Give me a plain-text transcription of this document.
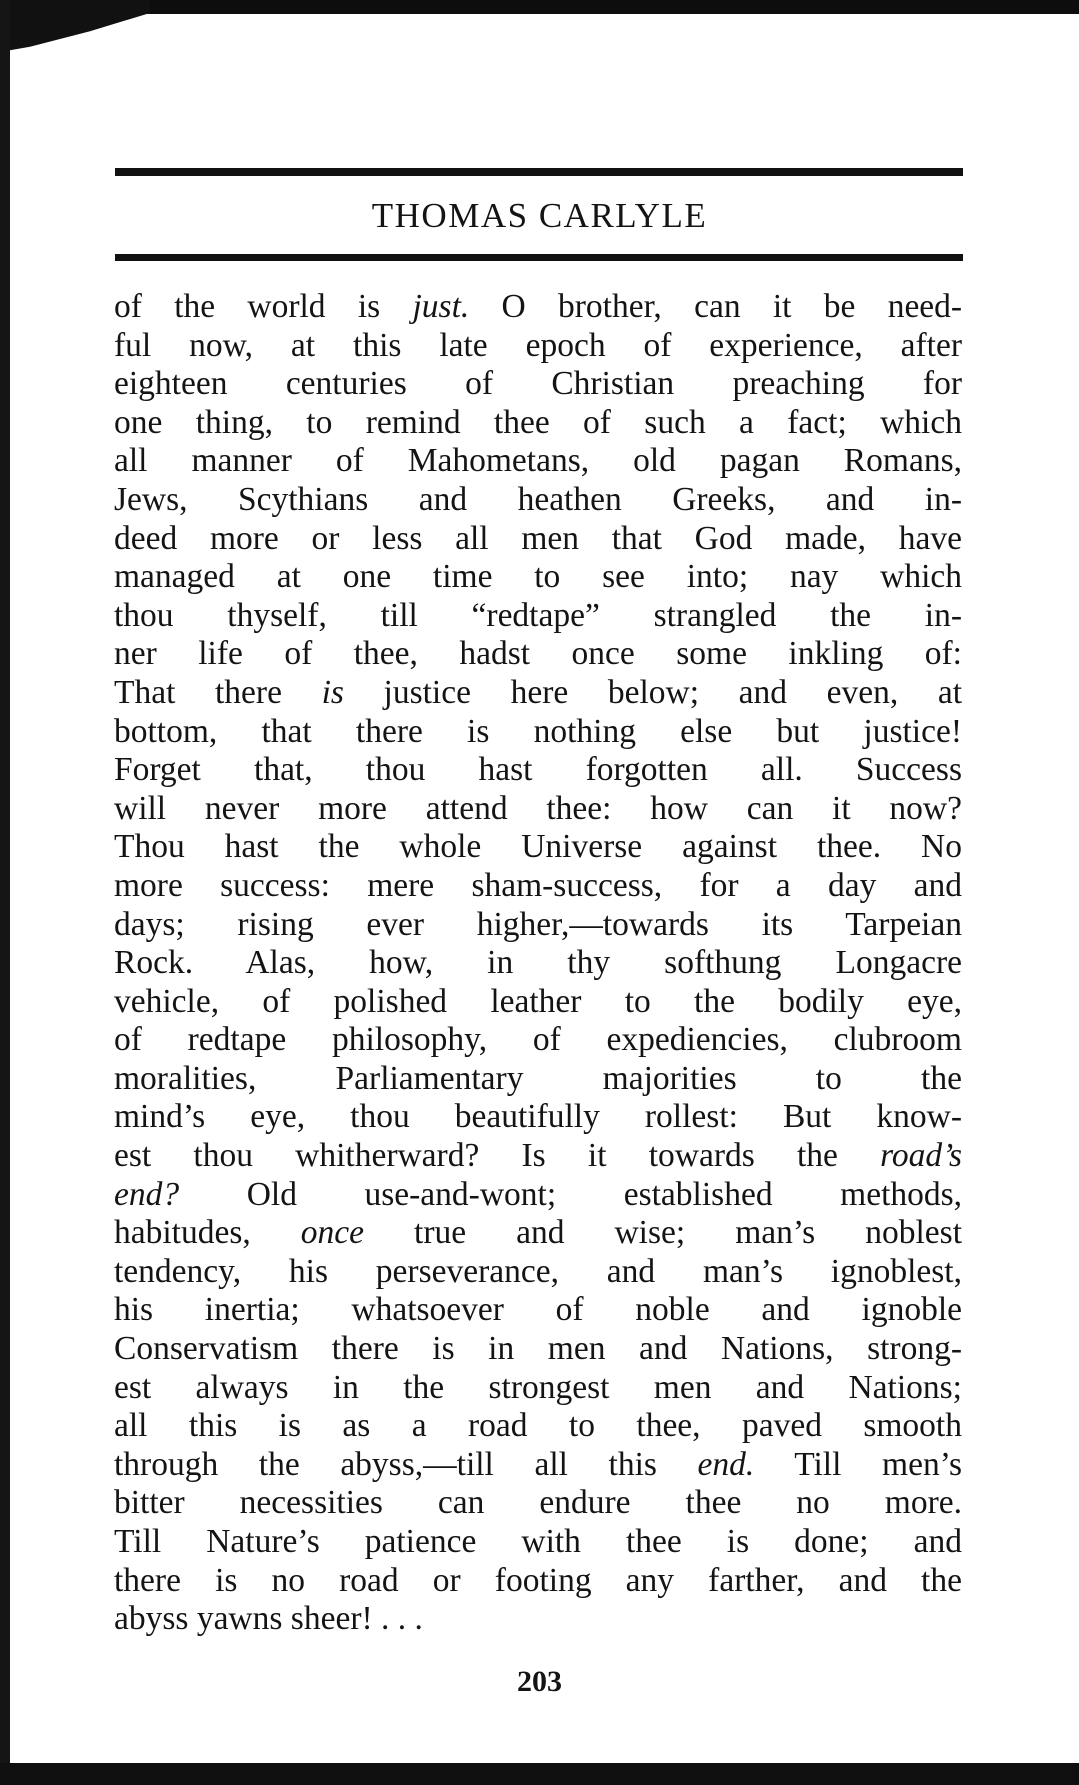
THOMAS CARLYLE
of the world is just. O brother, can it be need-
ful now, at this late epoch of experience, after
eighteen centuries of Christian preaching for
one thing, to remind thee of such a fact; which
all manner of Mahometans, old pagan Romans,
Jews, Scythians and heathen Greeks, and in-
deed more or less all men that God made, have
managed at one time to see into; nay which
thou thyself, till “redtape” strangled the in-
ner life of thee, hadst once some inkling of:
That there is justice here below; and even, at
bottom, that there is nothing else but justice!
Forget that, thou hast forgotten all. Success
will never more attend thee: how can it now?
Thou hast the whole Universe against thee. No
more success: mere sham-success, for a day and
days; rising ever higher,—towards its Tarpeian
Rock. Alas, how, in thy softhung Longacre
vehicle, of polished leather to the bodily eye,
of redtape philosophy, of expediencies, clubroom
moralities, Parliamentary majorities to the
mind’s eye, thou beautifully rollest: But know-
est thou whitherward? Is it towards the road’s
end? Old use-and-wont; established methods,
habitudes, once true and wise; man’s noblest
tendency, his perseverance, and man’s ignoblest,
his inertia; whatsoever of noble and ignoble
Conservatism there is in men and Nations, strong-
est always in the strongest men and Nations;
all this is as a road to thee, paved smooth
through the abyss,—till all this end. Till men’s
bitter necessities can endure thee no more.
Till Nature’s patience with thee is done; and
there is no road or footing any farther, and the
abyss yawns sheer! . . .
203
